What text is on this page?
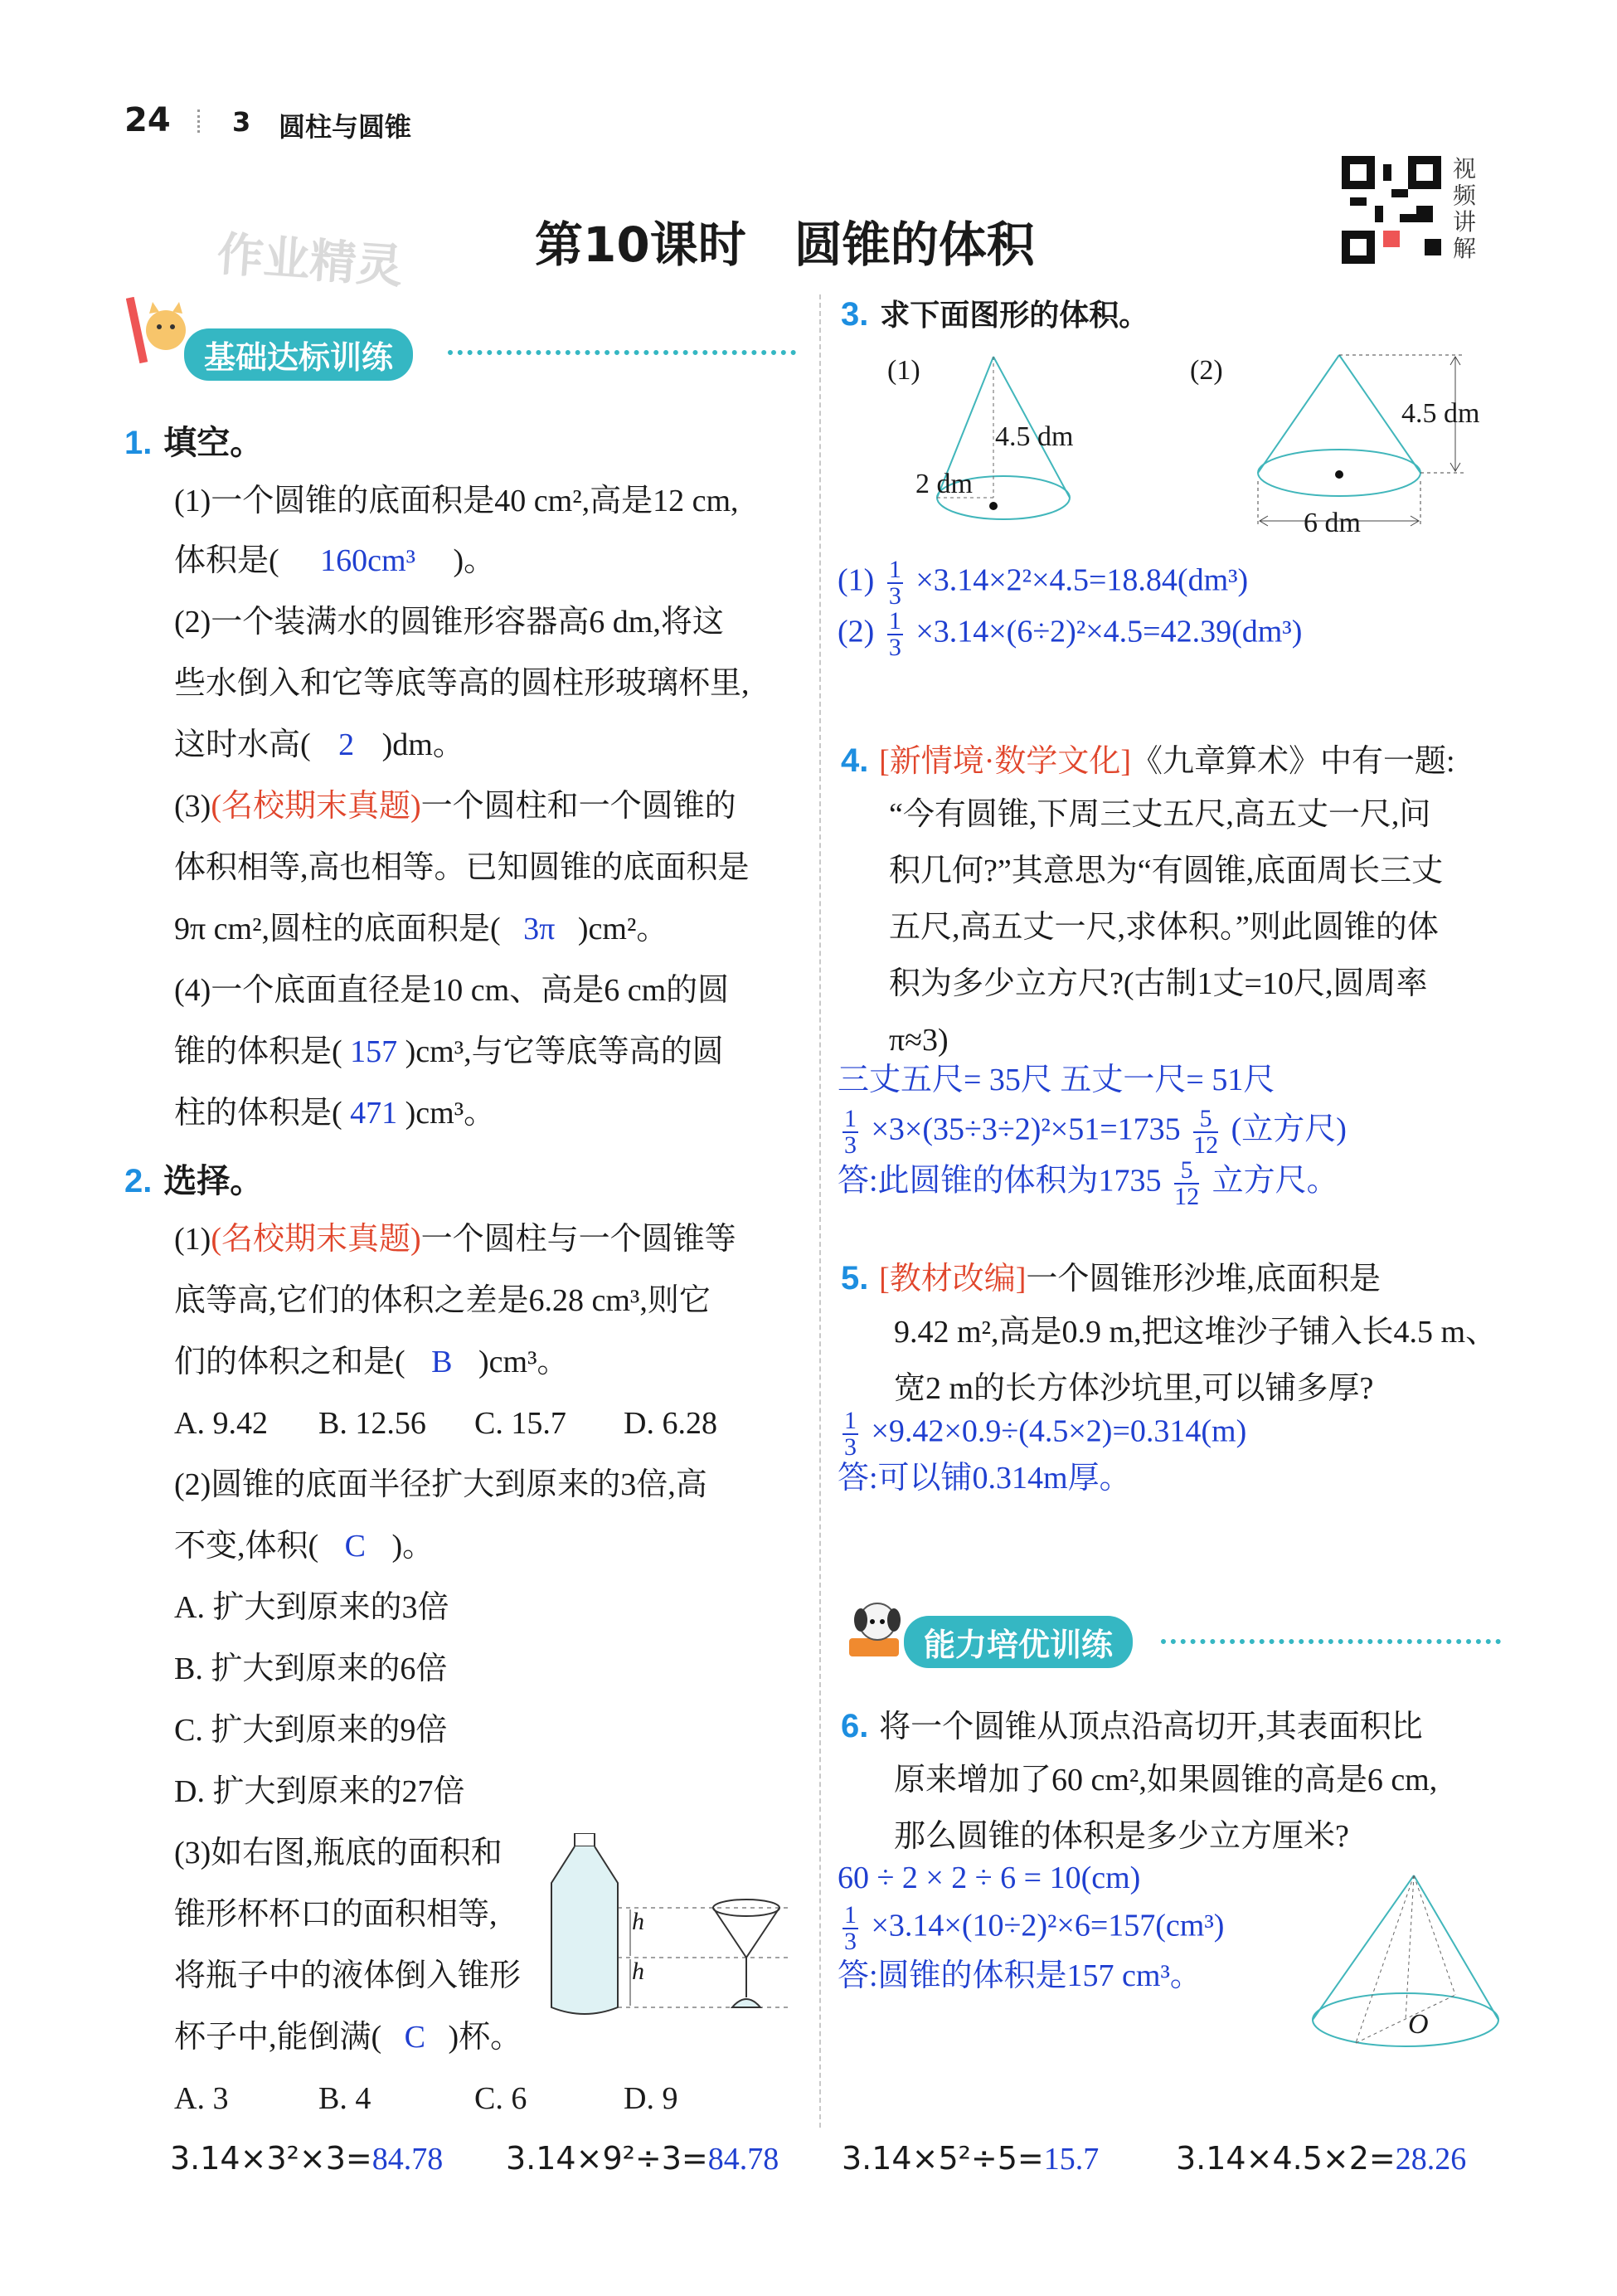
24 3 圆柱与圆锥
作业精灵	第10课时　圆锥的体积
视
频
讲
解
基础达标训练
1. 填空。
(1)一个圆锥的底面积是40 cm²,高是12 cm,
体积是( 160cm³ )。
(2)一个装满水的圆锥形容器高6 dm,将这
些水倒入和它等底等高的圆柱形玻璃杯里,
这时水高( 2 )dm。
(3)(名校期末真题)一个圆柱和一个圆锥的
体积相等,高也相等。已知圆锥的底面积是
9π cm²,圆柱的底面积是( 3π )cm²。
(4)一个底面直径是10 cm、高是6 cm的圆
锥的体积是( 157 )cm³,与它等底等高的圆
柱的体积是( 471 )cm³。
2. 选择。
(1)(名校期末真题)一个圆柱与一个圆锥等
底等高,它们的体积之差是6.28 cm³,则它
们的体积之和是( B )cm³。
A. 9.42 B. 12.56 C. 15.7 D. 6.28
(2)圆锥的底面半径扩大到原来的3倍,高
不变,体积( C )。
A. 扩大到原来的3倍
B. 扩大到原来的6倍
C. 扩大到原来的9倍
D. 扩大到原来的27倍
(3)如右图,瓶底的面积和
锥形杯杯口的面积相等,
将瓶子中的液体倒入锥形
杯子中,能倒满( C )杯。
A. 3	B. 4	C. 6	D. 9
h
h
3. 求下面图形的体积。
(1)
4.5 dm
2 dm
(2)
4.5 dm
6 dm
$(1) \frac{1}{3} \times 3.14\times 2^2\times 4.5=18.84(dm^3)$
$(2) \frac{1}{3} \times 3.14\times(6\div 2)^2\times 4.5=42.39(dm^3)$
4. [新情境·数学文化]《九章算术》中有一题:
“今有圆锥,下周三丈五尺,高五丈一尺,问
积几何?”其意思为“有圆锥,底面周长三丈
五尺,高五丈一尺,求体积。”则此圆锥的体
积为多少立方尺?(古制1丈=10尺,圆周率
π≈3)
三丈五尺= 35尺 五丈一尺= 51尺
$\frac{1}{3} \times 3\times(35\div 3\div 2)^2\times 51=1735 \frac{5}{12}$ (立方尺)
答:此圆锥的体积为$1735 \frac{5}{12}$ 立方尺。
5. [教材改编]一个圆锥形沙堆,底面积是
9.42 m²,高是0.9 m,把这堆沙子铺入长4.5 m、
宽2 m的长方体沙坑里,可以铺多厚?
$\frac{1}{3} \times 9.42\times 0.9\div(4.5\times 2)=0.314(m)$
答:可以铺0.314m厚。
能力培优训练
6. 将一个圆锥从顶点沿高切开,其表面积比
原来增加了60 cm²,如果圆锥的高是6 cm,
那么圆锥的体积是多少立方厘米?
60 ÷ 2 × 2 ÷ 6 = 10(cm)
$\frac{1}{3} \times 3.14\times(10\div 2)^2\times 6=157(cm^3)$
答:圆锥的体积是157 cm³。
O
3.14×3²×3=84.78 3.14×9²÷3=84.78 3.14×5²÷5=15.7 3.14×4.5×2=28.26
